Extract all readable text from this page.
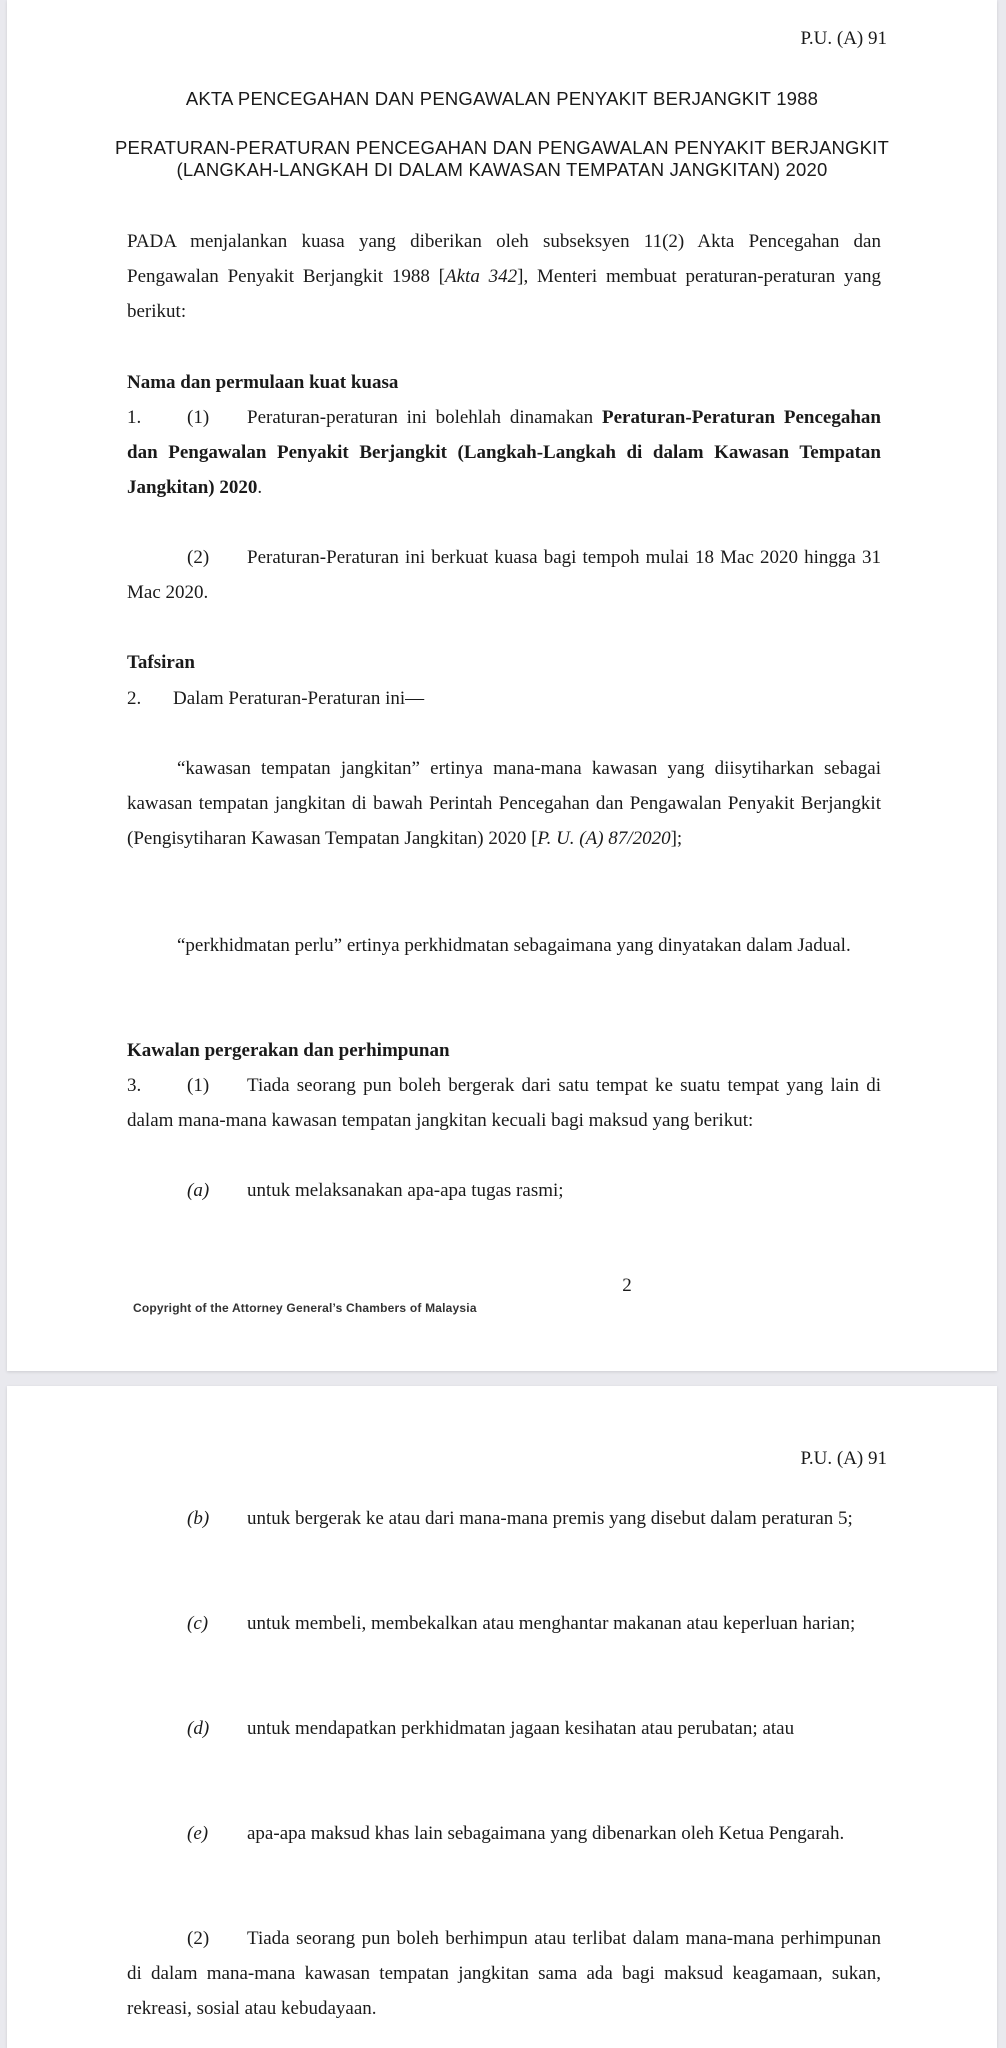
P.U. (A) 91
AKTA PENCEGAHAN DAN PENGAWALAN PENYAKIT BERJANGKIT 1988
PERATURAN-PERATURAN PENCEGAHAN DAN PENGAWALAN PENYAKIT BERJANGKIT
(LANGKAH-LANGKAH DI DALAM KAWASAN TEMPATAN JANGKITAN) 2020
PADA menjalankan kuasa yang diberikan oleh subseksyen 11(2) Akta Pencegahan dan Pengawalan Penyakit Berjangkit 1988 [Akta 342], Menteri membuat peraturan-peraturan yang berikut:
Nama dan permulaan kuat kuasa
1. (1)	Peraturan-peraturan ini bolehlah dinamakan Peraturan-Peraturan Pencegahan dan Pengawalan Penyakit Berjangkit (Langkah-Langkah di dalam Kawasan Tempatan Jangkitan) 2020.
(2)	Peraturan-Peraturan ini berkuat kuasa bagi tempoh mulai 18 Mac 2020 hingga 31 Mac 2020.
Tafsiran
2. Dalam Peraturan-Peraturan ini—
“kawasan tempatan jangkitan” ertinya mana-mana kawasan yang diisytiharkan sebagai kawasan tempatan jangkitan di bawah Perintah Pencegahan dan Pengawalan Penyakit Berjangkit (Pengisytiharan Kawasan Tempatan Jangkitan) 2020 [P. U. (A) 87/2020];
“perkhidmatan perlu” ertinya perkhidmatan sebagaimana yang dinyatakan dalam Jadual.
Kawalan pergerakan dan perhimpunan
3. (1)	Tiada seorang pun boleh bergerak dari satu tempat ke suatu tempat yang lain di dalam mana-mana kawasan tempatan jangkitan kecuali bagi maksud yang berikut:
(a) untuk melaksanakan apa-apa tugas rasmi;
2
Copyright of the Attorney General’s Chambers of Malaysia
P.U. (A) 91
(b) untuk bergerak ke atau dari mana-mana premis yang disebut dalam peraturan 5;
(c) untuk membeli, membekalkan atau menghantar makanan atau keperluan harian;
(d) untuk mendapatkan perkhidmatan jagaan kesihatan atau perubatan; atau
(e) apa-apa maksud khas lain sebagaimana yang dibenarkan oleh Ketua Pengarah.
(2)	Tiada seorang pun boleh berhimpun atau terlibat dalam mana-mana perhimpunan di dalam mana-mana kawasan tempatan jangkitan sama ada bagi maksud keagamaan, sukan, rekreasi, sosial atau kebudayaan.
